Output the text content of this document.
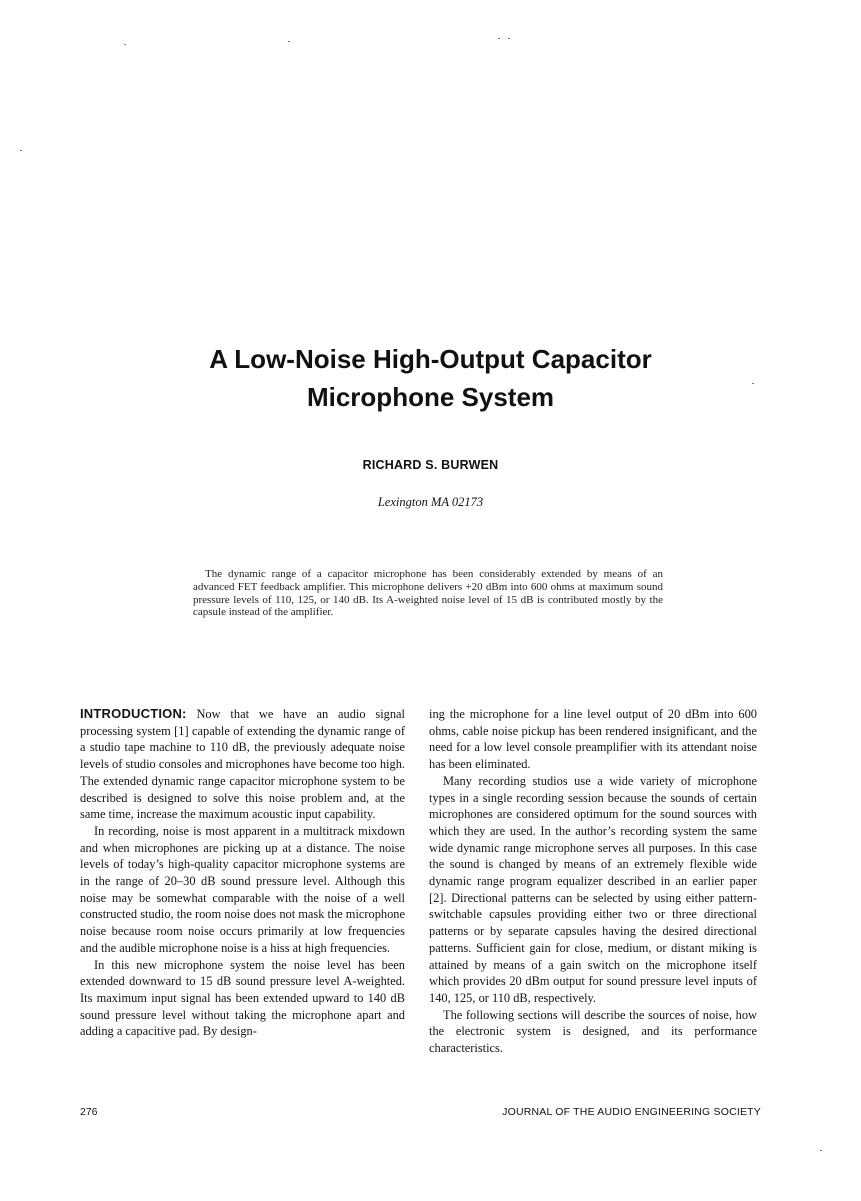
A Low-Noise High-Output Capacitor
Microphone System
RICHARD S. BURWEN
Lexington MA 02173
The dynamic range of a capacitor microphone has been considerably extended by means of an advanced FET feedback amplifier. This microphone delivers +20 dBm into 600 ohms at maximum sound pressure levels of 110, 125, or 140 dB. Its A-weighted noise level of 15 dB is contributed mostly by the capsule instead of the amplifier.

INTRODUCTION: Now that we have an audio signal processing system [1] capable of extending the dynamic range of a studio tape machine to 110 dB, the previously adequate noise levels of studio consoles and microphones have become too high. The extended dynamic range capacitor microphone system to be described is designed to solve this noise problem and, at the same time, increase the maximum acoustic input capability.

In recording, noise is most apparent in a multitrack mixdown and when microphones are picking up at a distance. The noise levels of today’s high-quality capacitor microphone systems are in the range of 20–30 dB sound pressure level. Although this noise may be somewhat comparable with the noise of a well constructed studio, the room noise does not mask the microphone noise because room noise occurs primarily at low frequencies and the audible microphone noise is a hiss at high frequencies.

In this new microphone system the noise level has been extended downward to 15 dB sound pressure level A-weighted. Its maximum input signal has been extended upward to 140 dB sound pressure level without taking the microphone apart and adding a capacitive pad. By design-

ing the microphone for a line level output of 20 dBm into 600 ohms, cable noise pickup has been rendered insignificant, and the need for a low level console preamplifier with its attendant noise has been eliminated.

Many recording studios use a wide variety of microphone types in a single recording session because the sounds of certain microphones are considered optimum for the sound sources with which they are used. In the author’s recording system the same wide dynamic range microphone serves all purposes. In this case the sound is changed by means of an extremely flexible wide dynamic range program equalizer described in an earlier paper [2]. Directional patterns can be selected by using either pattern-switchable capsules providing either two or three directional patterns or by separate capsules having the desired directional patterns. Sufficient gain for close, medium, or distant miking is attained by means of a gain switch on the microphone itself which provides 20 dBm output for sound pressure level inputs of 140, 125, or 110 dB, respectively.

The following sections will describe the sources of noise, how the electronic system is designed, and its performance characteristics.

276	JOURNAL OF THE AUDIO ENGINEERING SOCIETY
